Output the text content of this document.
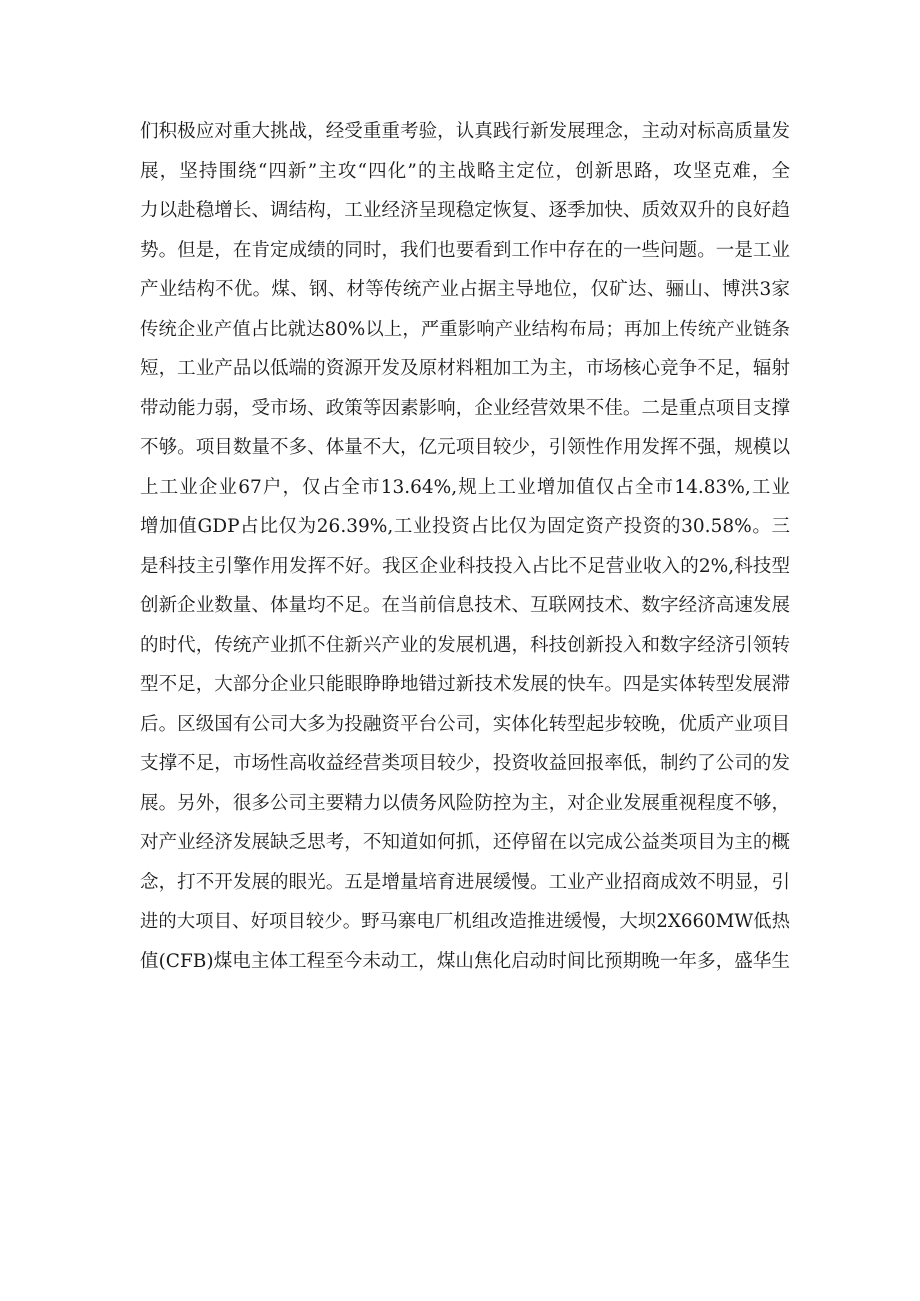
们积极应对重大挑战，经受重重考验，认真践行新发展理念，主动对标高质量发
展，坚持围绕“四新”主攻“四化”的主战略主定位，创新思路，攻坚克难，全
力以赴稳增长、调结构，工业经济呈现稳定恢复、逐季加快、质效双升的良好趋
势。但是，在肯定成绩的同时，我们也要看到工作中存在的一些问题。一是工业
产业结构不优。煤、钢、材等传统产业占据主导地位，仅矿达、骊山、博洪3家
传统企业产值占比就达80%以上，严重影响产业结构布局；再加上传统产业链条
短，工业产品以低端的资源开发及原材料粗加工为主，市场核心竞争不足，辐射
带动能力弱，受市场、政策等因素影响，企业经营效果不佳。二是重点项目支撑
不够。项目数量不多、体量不大，亿元项目较少，引领性作用发挥不强，规模以
上工业企业67户，仅占全市13.64%,规上工业增加值仅占全市14.83%,工业
增加值GDP占比仅为26.39%,工业投资占比仅为固定资产投资的30.58%。三
是科技主引擎作用发挥不好。我区企业科技投入占比不足营业收入的2%,科技型
创新企业数量、体量均不足。在当前信息技术、互联网技术、数字经济高速发展
的时代，传统产业抓不住新兴产业的发展机遇，科技创新投入和数字经济引领转
型不足，大部分企业只能眼睁睁地错过新技术发展的快车。四是实体转型发展滞
后。区级国有公司大多为投融资平台公司，实体化转型起步较晚，优质产业项目
支撑不足，市场性高收益经营类项目较少，投资收益回报率低，制约了公司的发
展。另外，很多公司主要精力以债务风险防控为主，对企业发展重视程度不够，
对产业经济发展缺乏思考，不知道如何抓，还停留在以完成公益类项目为主的概
念，打不开发展的眼光。五是增量培育进展缓慢。工业产业招商成效不明显，引
进的大项目、好项目较少。野马寨电厂机组改造推进缓慢，大坝2X660MW低热
值(CFB)煤电主体工程至今未动工，煤山焦化启动时间比预期晚一年多，盛华生
